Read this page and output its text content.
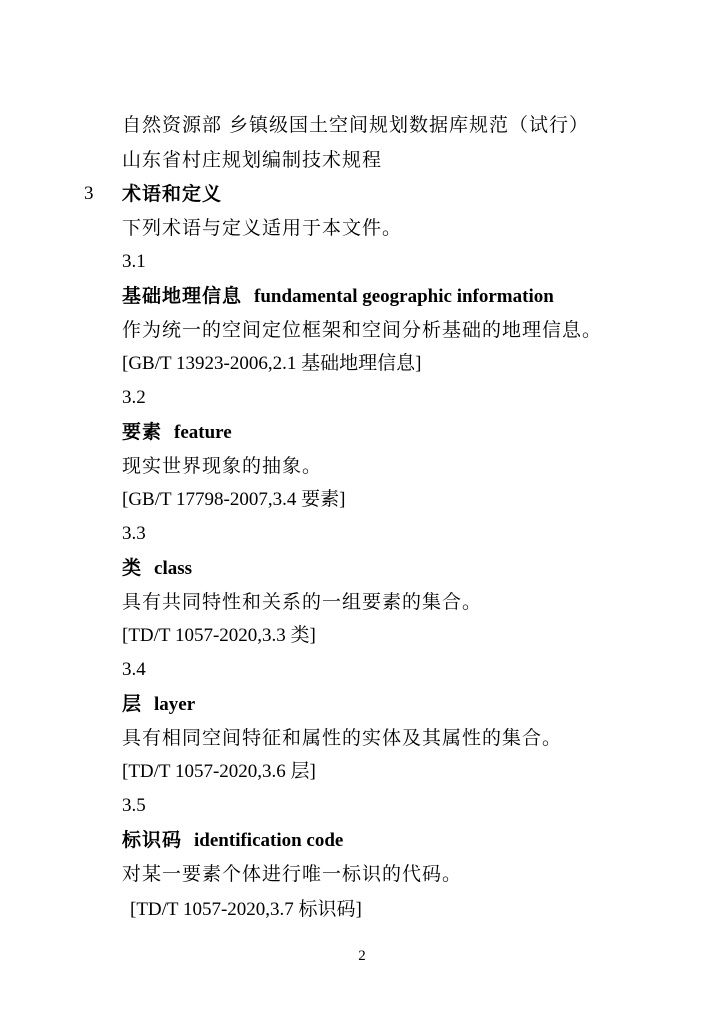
自然资源部 乡镇级国土空间规划数据库规范（试行）
山东省村庄规划编制技术规程
3 术语和定义
下列术语与定义适用于本文件。
3.1
基础地理信息 fundamental geographic information
作为统一的空间定位框架和空间分析基础的地理信息。
[GB/T 13923-2006,2.1 基础地理信息]
3.2
要素 feature
现实世界现象的抽象。
[GB/T 17798-2007,3.4 要素]
3.3
类 class
具有共同特性和关系的一组要素的集合。
[TD/T 1057-2020,3.3 类]
3.4
层 layer
具有相同空间特征和属性的实体及其属性的集合。
[TD/T 1057-2020,3.6 层]
3.5
标识码 identification code
对某一要素个体进行唯一标识的代码。
[TD/T 1057-2020,3.7 标识码]
2
